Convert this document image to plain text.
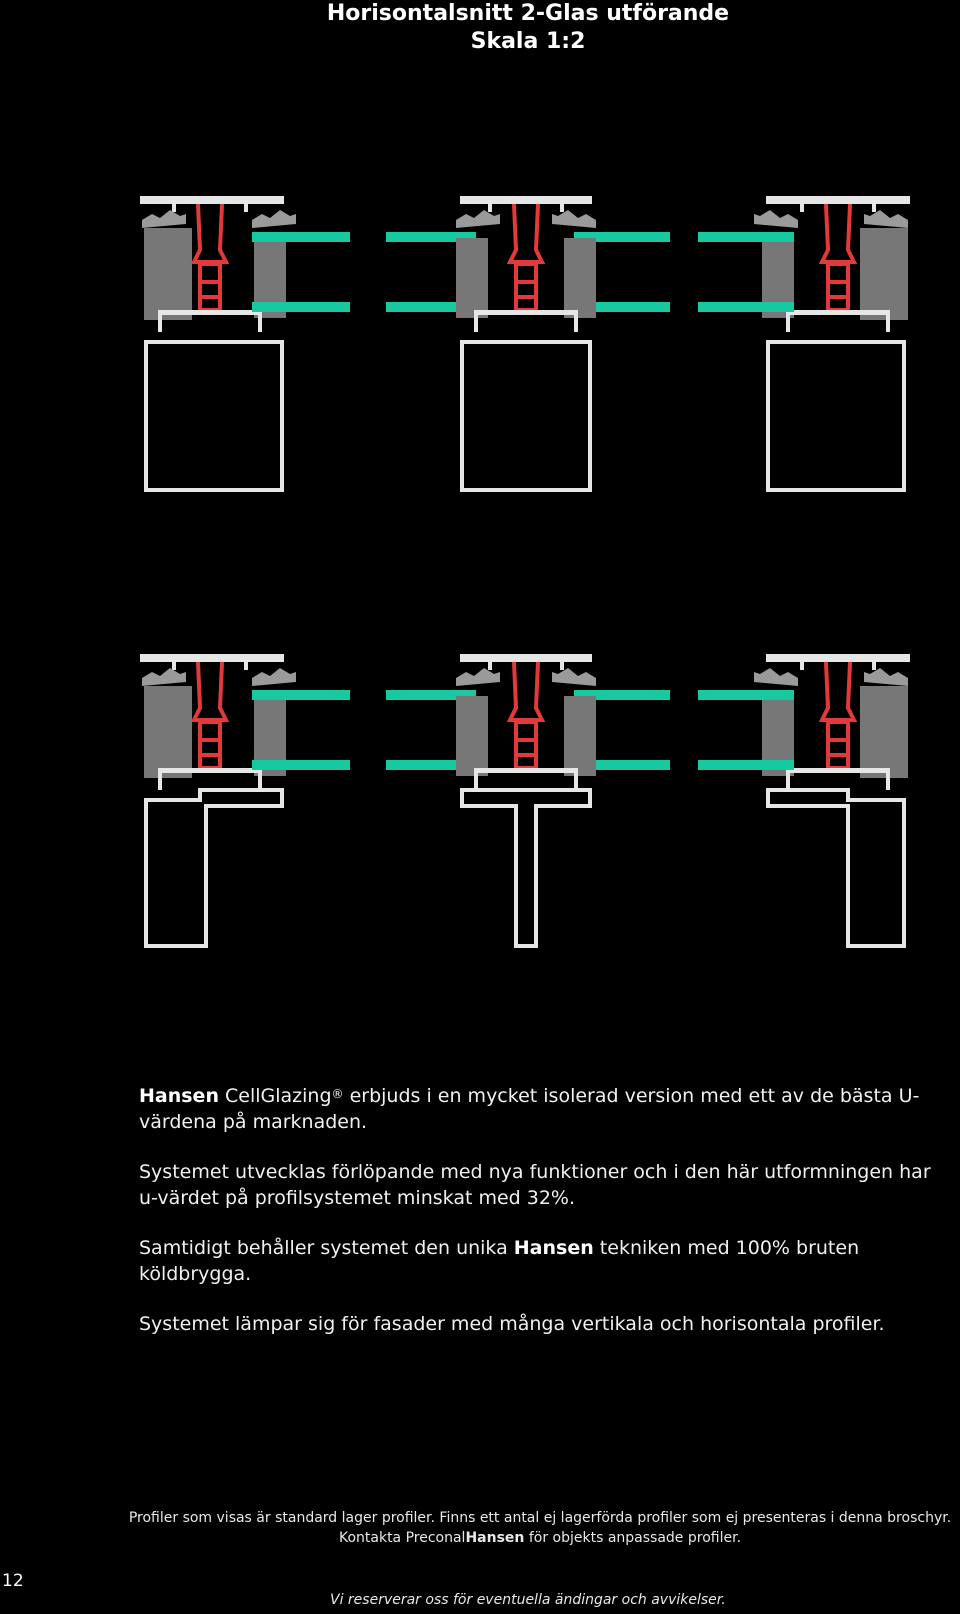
Horisontalsnitt 2-Glas utförande
Skala 1:2

Hansen CellGlazing® erbjuds i en mycket isolerad version med ett av de bästa U-värdena på marknaden.

Systemet utvecklas förlöpande med nya funktioner och i den här utformningen har u-värdet på profilsystemet minskat med 32%.

Samtidigt behåller systemet den unika Hansen tekniken med 100% bruten köldbrygga.

Systemet lämpar sig för fasader med många vertikala och horisontala profiler.

Profiler som visas är standard lager profiler. Finns ett antal ej lagerförda profiler som ej presenteras i denna broschyr.
Kontakta PreconalHansen för objekts anpassade profiler.
12
Vi reserverar oss för eventuella ändingar och avvikelser.
